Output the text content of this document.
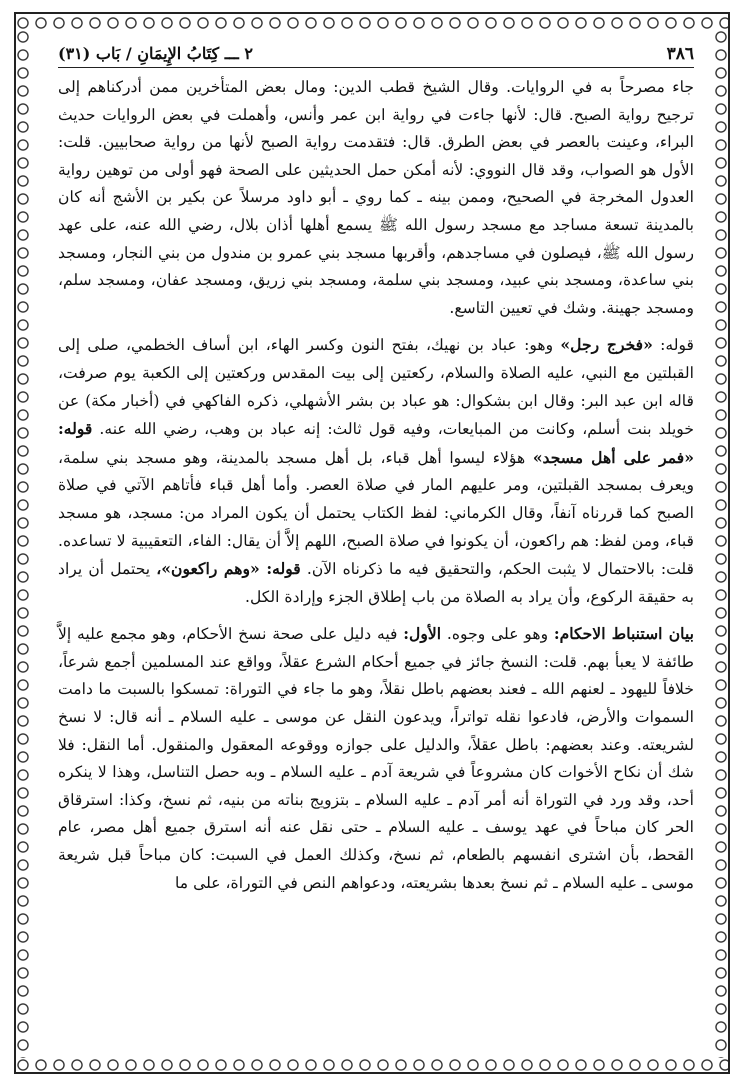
٣٨٦
٢ ـــ كِتَابُ الإِيمَانِ / بَاب (٣١)

جاء مصرحاً به في الروايات. وقال الشيخ قطب الدين: ومال بعض المتأخرين ممن أدركناهم إلى ترجيح رواية الصبح. قال: لأنها جاءت في رواية ابن عمر وأنس، وأهملت في بعض الروايات حديث البراء، وعينت بالعصر في بعض الطرق. قال: فتقدمت رواية الصبح لأنها من رواية صحابيين. قلت: الأول هو الصواب، وقد قال النووي: لأنه أمكن حمل الحديثين على الصحة فهو أولى من توهين رواية العدول المخرجة في الصحيح، وممن بينه ـ كما روي ـ أبو داود مرسلاً عن بكير بن الأشج أنه كان بالمدينة تسعة مساجد مع مسجد رسول الله ﷺ يسمع أهلها أذان بلال، رضي الله عنه، على عهد رسول الله ﷺ، فيصلون في مساجدهم، وأقربها مسجد بني عمرو بن مندول من بني النجار، ومسجد بني ساعدة، ومسجد بني عبيد، ومسجد بني سلمة، ومسجد بني زريق، ومسجد عفان، ومسجد سلم، ومسجد جهينة. وشك في تعيين التاسع.

قوله: «فخرج رجل» وهو: عباد بن نهيك، بفتح النون وكسر الهاء، ابن أساف الخطمي، صلى إلى القبلتين مع النبي، عليه الصلاة والسلام، ركعتين إلى بيت المقدس وركعتين إلى الكعبة يوم صرفت، قاله ابن عبد البر: وقال ابن بشكوال: هو عباد بن بشر الأشهلي، ذكره الفاكهي في (أخبار مكة) عن خويلد بنت أسلم، وكانت من المبايعات، وفيه قول ثالث: إنه عباد بن وهب، رضي الله عنه. قوله: «فمر على أهل مسجد» هؤلاء ليسوا أهل قباء، بل أهل مسجد بالمدينة، وهو مسجد بني سلمة، ويعرف بمسجد القبلتين، ومر عليهم المار في صلاة العصر. وأما أهل قباء فأتاهم الآتي في صلاة الصبح كما قررناه آنفاً، وقال الكرماني: لفظ الكتاب يحتمل أن يكون المراد من: مسجد، هو مسجد قباء، ومن لفظ: هم راكعون، أن يكونوا في صلاة الصبح، اللهم إلاَّ أن يقال: الفاء، التعقيبية لا تساعده. قلت: بالاحتمال لا يثبت الحكم، والتحقيق فيه ما ذكرناه الآن. قوله: «وهم راكعون»، يحتمل أن يراد به حقيقة الركوع، وأن يراد به الصلاة من باب إطلاق الجزء وإرادة الكل.

بيان استنباط الاحكام: وهو على وجوه. الأول: فيه دليل على صحة نسخ الأحكام، وهو مجمع عليه إلاَّ طائفة لا يعبأ بهم. قلت: النسخ جائز في جميع أحكام الشرع عقلاً، وواقع عند المسلمين أجمع شرعاً، خلافاً لليهود ـ لعنهم الله ـ فعند بعضهم باطل نقلاً، وهو ما جاء في التوراة: تمسكوا بالسبت ما دامت السموات والأرض، فادعوا نقله تواتراً، ويدعون النقل عن موسى ـ عليه السلام ـ أنه قال: لا نسخ لشريعته. وعند بعضهم: باطل عقلاً، والدليل على جوازه ووقوعه المعقول والمنقول. أما النقل: فلا شك أن نكاح الأخوات كان مشروعاً في شريعة آدم ـ عليه السلام ـ وبه حصل التناسل، وهذا لا ينكره أحد، وقد ورد في التوراة أنه أمر آدم ـ عليه السلام ـ بتزويج بناته من بنيه، ثم نسخ، وكذا: استرقاق الحر كان مباحاً في عهد يوسف ـ عليه السلام ـ حتى نقل عنه أنه استرق جميع أهل مصر، عام القحط، بأن اشترى انفسهم بالطعام، ثم نسخ، وكذلك العمل في السبت: كان مباحاً قبل شريعة موسى ـ عليه السلام ـ ثم نسخ بعدها بشريعته، ودعواهم النص في التوراة، على ما
